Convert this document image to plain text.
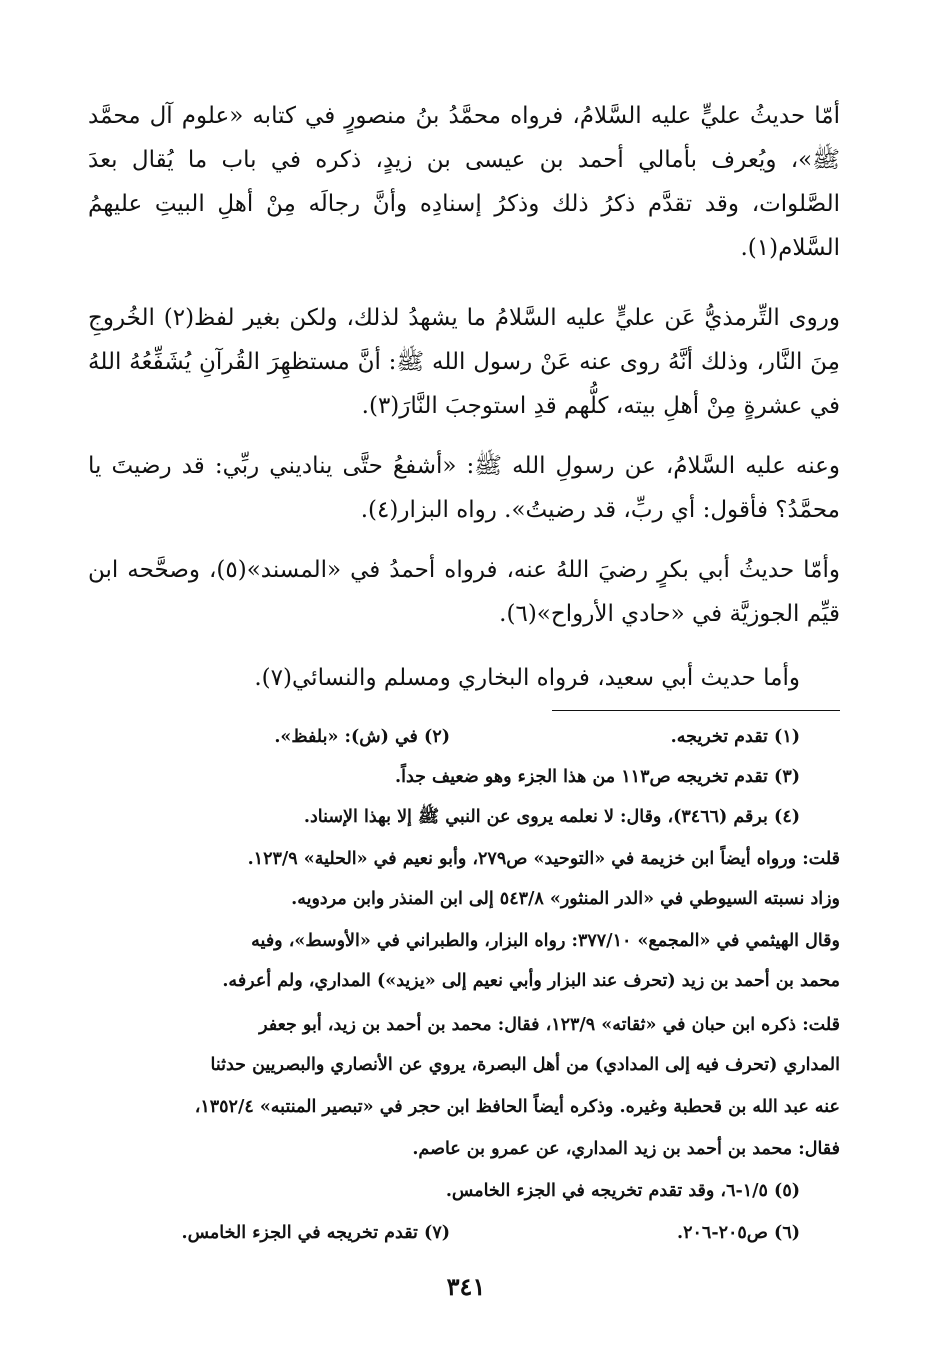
أمّا حديثُ عليٍّ عليه السَّلامُ، فرواه محمَّدُ بنُ منصورٍ في كتابه «علوم آل محمَّد ﷺ»، ويُعرف بأمالي أحمد بن عيسى بن زيدٍ، ذكره في باب ما يُقال بعدَ الصَّلوات، وقد تقدَّم ذكرُ ذلك وذكرُ إسنادِه وأنَّ رجالَه مِنْ أهلِ البيتِ عليهمُ السَّلام(١).

وروى التِّرمذيُّ عَن عليٍّ عليه السَّلامُ ما يشهدُ لذلك، ولكن بغير لفظ(٢) الخُروجِ مِنَ النَّار، وذلك أنَّهُ روى عنه عَنْ رسول الله ﷺ: أنَّ مستظهِرَ القُرآنِ يُشَفِّعُهُ اللهُ في عشرةٍ مِنْ أهلِ بيته، كلُّهم قدِ استوجبَ النَّارَ(٣).

وعنه عليه السَّلامُ، عن رسولِ الله ﷺ: «أشفعُ حتَّى يناديني ربِّي: قد رضيتَ يا محمَّدُ؟ فأقول: أي ربِّ، قد رضيتُ». رواه البزار(٤).

وأمّا حديثُ أبي بكرٍ رضيَ اللهُ عنه، فرواه أحمدُ في «المسند»(٥)، وصحَّحه ابن قيِّم الجوزيَّة في «حادي الأرواح»(٦).

وأما حديث أبي سعيد، فرواه البخاري ومسلم والنسائي(٧).

(١) تقدم تخريجه.
(٢) في (ش): «بلفظ».
(٣) تقدم تخريجه ص١١٣ من هذا الجزء وهو ضعيف جداً.
(٤) برقم (٣٤٦٦)، وقال: لا نعلمه يروى عن النبي ﷺ إلا بهذا الإسناد.
قلت: ورواه أيضاً ابن خزيمة في «التوحيد» ص٢٧٩، وأبو نعيم في «الحلية» ١٢٣/٩.
وزاد نسبته السيوطي في «الدر المنثور» ٥٤٣/٨ إلى ابن المنذر وابن مردويه.
وقال الهيثمي في «المجمع» ٣٧٧/١٠: رواه البزار، والطبراني في «الأوسط»، وفيه
محمد بن أحمد بن زيد (تحرف عند البزار وأبي نعيم إلى «يزيد») المداري، ولم أعرفه.
قلت: ذكره ابن حبان في «ثقاته» ١٢٣/٩، فقال: محمد بن أحمد بن زيد، أبو جعفر
المداري (تحرف فيه إلى المدادي) من أهل البصرة، يروي عن الأنصاري والبصريين حدثنا
عنه عبد الله بن قحطبة وغيره. وذكره أيضاً الحافظ ابن حجر في «تبصير المنتبه» ١٣٥٢/٤،
فقال: محمد بن أحمد بن زيد المداري، عن عمرو بن عاصم.
(٥) ١/٥-٦، وقد تقدم تخريجه في الجزء الخامس.
(٦) ص٢٠٥-٢٠٦.
(٧) تقدم تخريجه في الجزء الخامس.
٣٤١
